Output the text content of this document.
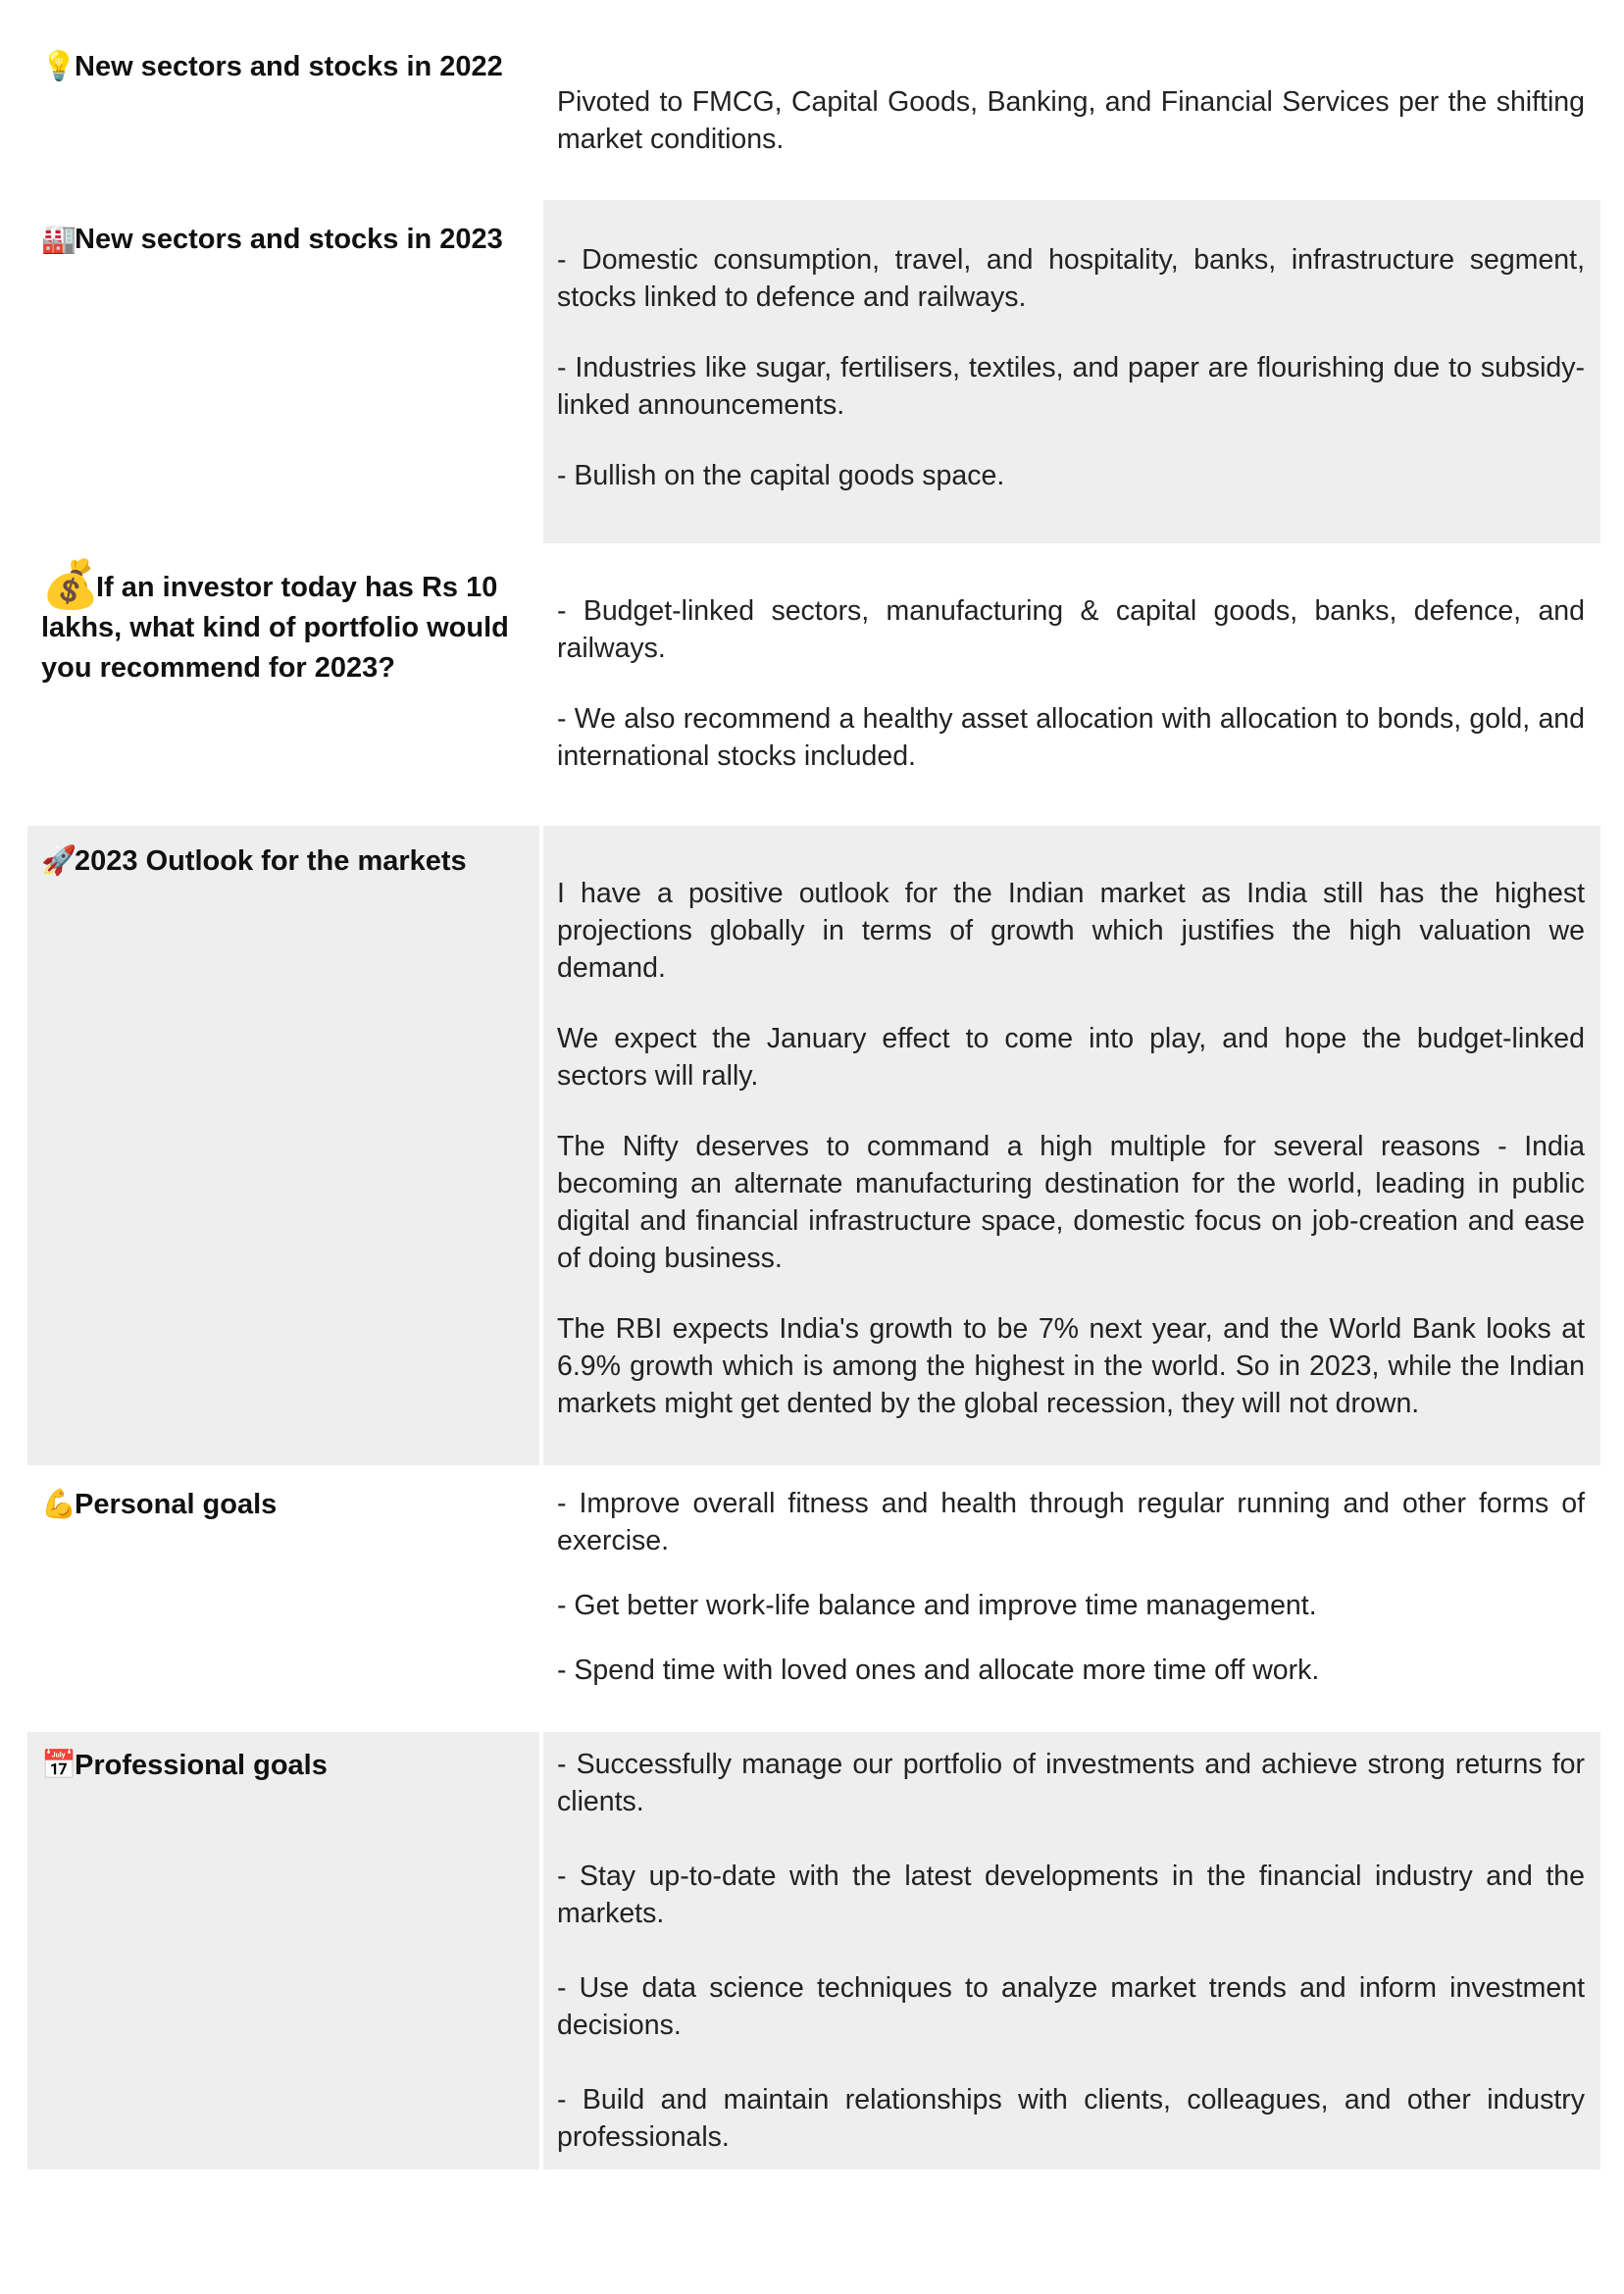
💡New sectors and stocks in 2022

Pivoted to FMCG, Capital Goods, Banking, and Financial Services per the shifting market conditions.

🏭New sectors and stocks in 2023

- Domestic consumption, travel, and hospitality, banks, infrastructure segment, stocks linked to defence and railways.

- Industries like sugar, fertilisers, textiles, and paper are flourishing due to subsidy-linked announcements.

- Bullish on the capital goods space.

💰If an investor today has Rs 10 lakhs, what kind of portfolio would you recommend for 2023?

- Budget-linked sectors, manufacturing & capital goods, banks, defence, and railways.

- We also recommend a healthy asset allocation with allocation to bonds, gold, and international stocks included.

🚀2023 Outlook for the markets

I have a positive outlook for the Indian market as India still has the highest projections globally in terms of growth which justifies the high valuation we demand.

We expect the January effect to come into play, and hope the budget-linked sectors will rally.

The Nifty deserves to command a high multiple for several reasons - India becoming an alternate manufacturing destination for the world, leading in public digital and financial infrastructure space, domestic focus on job-creation and ease of doing business.

The RBI expects India's growth to be 7% next year, and the World Bank looks at 6.9% growth which is among the highest in the world. So in 2023, while the Indian markets might get dented by the global recession, they will not drown.

💪Personal goals	- Improve overall fitness and health through regular running and other forms of exercise.

- Get better work-life balance and improve time management.

- Spend time with loved ones and allocate more time off work.

📅Professional goals	- Successfully manage our portfolio of investments and achieve strong returns for clients.

- Stay up-to-date with the latest developments in the financial industry and the markets.

- Use data science techniques to analyze market trends and inform investment decisions.

- Build and maintain relationships with clients, colleagues, and other industry professionals.
